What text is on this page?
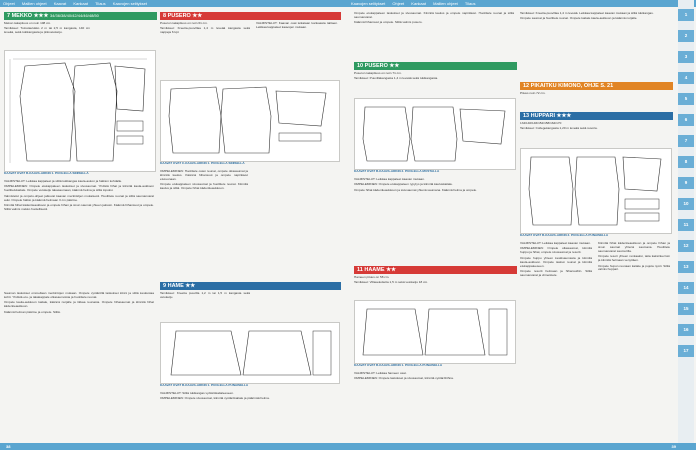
Ohjeet Mallien ohjeet Kaavat Kankaat Tilaus Kaavojen selitykset
7 MEKKO ★★★ 34/36/38/40/42/44/46/48/50

Mekon takapituus on noin 108 cm.

Tarvikkeet: Tulostaulukko 2 m tai 2,5 m kangasta, 140 cm leveää, sekä tukikangasta ja piilovetoketju.

KAAVAT OVAT B-KAAVA-ARKIN 1. PUOLELLA SINISELLÄ

VALMISTELUT: Leikkaa kappaleet ja silitä tukikangas kaula-aukon ja halkion kohdalle.

OMPELEMINEN: Ompele etukappaleen laskokset ja sivusaumat. Yhdistä hihat ja kiinnitä kaula-aukkoon huolittelukaitale. Ompele vetoketju takasaumaan, käännä helma ja silitä lopuksi.

Valmistelut ja ompelu-ohjeet jatkuvat kaavan merkintöjen mukaisesti. Huolittele reunat ja silitä saumanvarat auki. Ompele halkio ja käännä helmaan 3 cm päärme.

Kiinnitä hihat kädentieaukkoon ja ompele hihan ja sivun saumat yhteen jaksoin. Käännä hihansuut ja ompele. Silitä valmis mekko huolellisesti.

8 PUSERO ★★

Puseron takapituus on noin 61 cm.

Tarvikkeet: Kreetta-puuvillaa 1,4 m leveää kangasta sekä nappeja 6 kpl.

VALMISTELUT: Kaavan osat leikataan kankaasta taittaen. Leikkaa kappaleet kaavojen mukaan.

KAAVAT OVAT C-KAAVA-ARKIN 1. PUOLELLA SINISELLÄ

OMPELEMINEN: Huolittele osien reunat, ompele olkasaumat ja kiinnitä kaulus. Käännä hihansuut ja ompele napinlävet etureunaan.

Ompele etukappaleen sivusaumat ja huolittele reunat. Kiinnitä kaulus ja silitä. Ompele hihat kädentieaukkoon.

9 HAME ★★

Tarvikkeet: Kreetta puuvilla 1,2 m tai 1,5 m kangasta sekä vetoketju.

KAAVAT OVAT B-KAAVA-ARKIN 1. PUOLELLA PUNAISELLA

VALMISTELUT: Silitä tukikangas vyötärökaitaleeseen.

OMPELEMINEN: Ompele sivusaumat, kiinnitä vyötärökaitale ja päärmää helma.

Sauman laskokset ommellaan merkintöjen mukaan. Ompele vyötäröllä laskokset kiinni ja silitä keskustaa kohti. Yhdistä etu- ja takakappale olkasaumoista ja huolittele reunat.

Ompele kaula-aukkoon kaitale, käännä nurjalle ja tikkaa reunasta. Ompele hihasaumat ja kiinnitä hihat kädentieaukkoon.

Käännä helman päärme ja ompele. Silitä.

38
Kaavojen selitykset Ohjeet Kankaat Mallien ohjeet Tilaus
10 PUSERO ★★

Ompele etukappaleen laskokset ja sivusaumat. Kiinnitä kaulus ja ompele napinlävet. Huolittele reunat ja silitä saumanvarat.

Käännä hihansuut ja ompele. Silitä valmis pusero.

Puseron takapituus on noin 71 cm.

Tarvikkeet: Puuvillakangasta 1,4 m leveää sekä tukikangasta.

KAAVAT OVAT B-KAAVA-ARKIN 2. PUOLELLA MUSTALLA

VALMISTELUT: Leikkaa kappaleet kaavan mukaan.

OMPELEMINEN: Ompele etukappaleen rypytys ja kiinnitä kauluskaitale.

Ompele hihat kädentieaukkoon ja sivusaumat yhtenä saumana. Käännä helma ja ompele.

11 HAAME ★★

Hameen pituus on 58 cm.

Tarvikkeet: Villasekoitetta 1,5 m sekä vetoketju 18 cm.

KAAVAT OVAT B-KAAVA-ARKIN 1. PUOLELLA PUNAISELLA

VALMISTELUT: Leikkaa hameen osat.

OMPELEMINEN: Ompele laskokset ja sivusaumat, kiinnitä vyötäröhihna.

Tarvikkeet: Kreetta-puuvillaa 1,4 m leveää. Leikkaa kappaleet kaavan mukaan ja silitä tukikangas.

Ompele saumat ja huolittele reunat. Ompele kaitale kaula-aukkoon ja käännä nurjalle.

12 PIKAITKU KIMONO, OHJE S. 21

Pituus noin 72 cm.

13 HUPPARI ★★★

134/140/146/152/158/164/170

Tarvikkeet: Collegekangasta 1,20 m leveää sekä resoria.

KAAVAT OVAT B-KAAVA-ARKIN 2. PUOLELLA PUNAISELLA

VALMISTELUT: Leikkaa kappaleet kaavan mukaan.

OMPELEMINEN: Ompele olkasaumat, kiinnitä huppu ja hihat, ompele sivusaumat ja resorit.

Ompele huppu yhteen keskisaumasta ja kiinnitä kaula-aukkoon. Ompele taskun reunat ja kiinnitä etukappaleeseen.

Ompele resorit helmaan ja hihansuihin. Silitä saumanvarat ja viimeistele.

Kiinnitä hihat kädentieaukkoon ja ompele hihan ja sivun saumat yhtenä saumana. Huolittele saumanvarat saumurilla.

Ompele resori yhteen renkaaksi, taita kaksinkerroin ja kiinnitä helmaan venyttäen.

Ompele hupun reunaan kaitale ja pujota nyöri. Silitä valmis huppari.

1
2
3
4
5
6
7
8
9
10
11
12
13
14
15
16
17
39
